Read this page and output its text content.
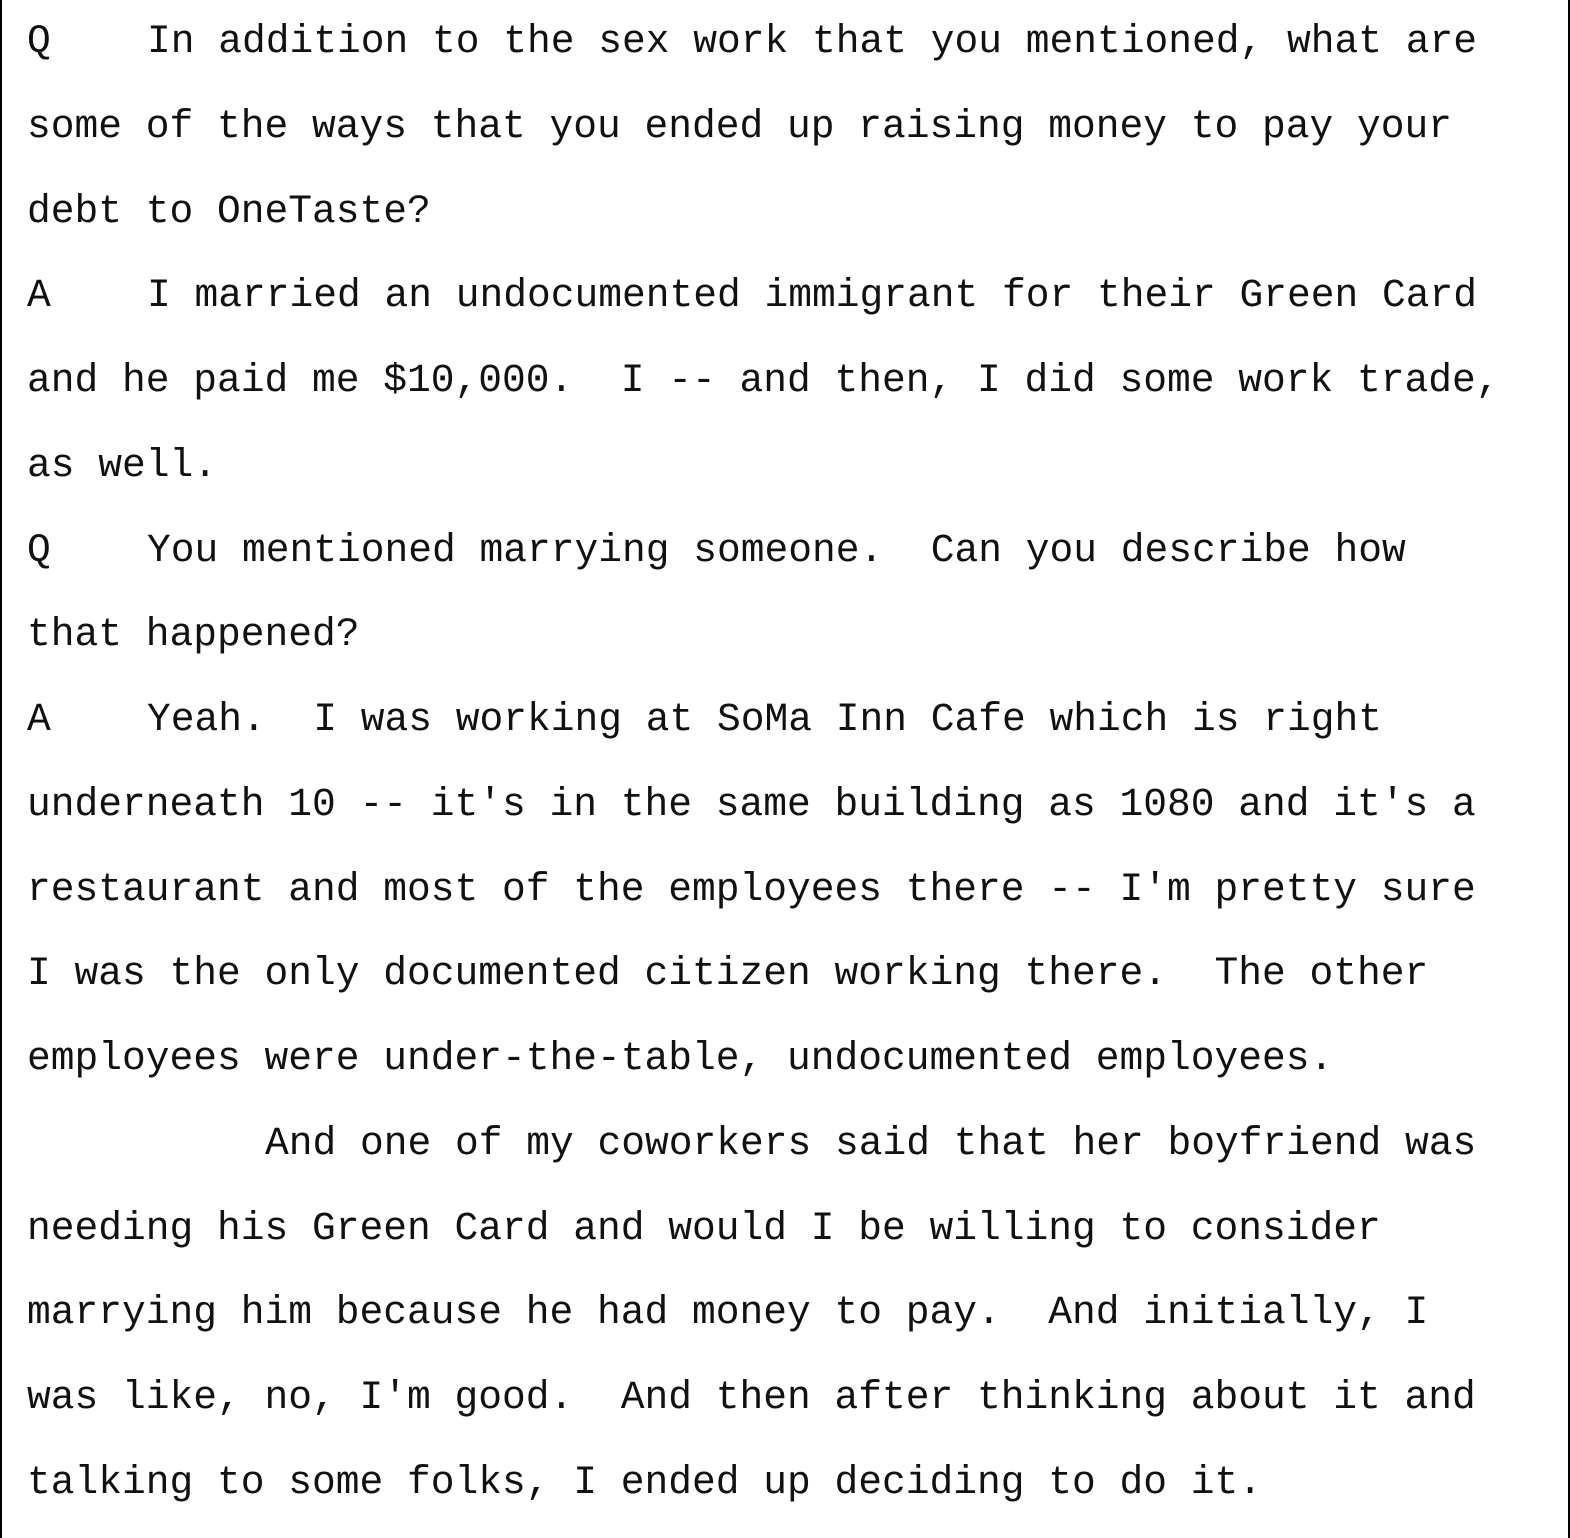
Q In addition to the sex work that you mentioned, what are
some of the ways that you ended up raising money to pay your
debt to OneTaste?
A I married an undocumented immigrant for their Green Card
and he paid me $10,000.  I -- and then, I did some work trade,
as well.
Q You mentioned marrying someone.  Can you describe how
that happened?
A Yeah.  I was working at SoMa Inn Cafe which is right
underneath 10 -- it's in the same building as 1080 and it's a
restaurant and most of the employees there -- I'm pretty sure
I was the only documented citizen working there.  The other
employees were under-the-table, undocumented employees.
And one of my coworkers said that her boyfriend was
needing his Green Card and would I be willing to consider
marrying him because he had money to pay.  And initially, I
was like, no, I'm good.  And then after thinking about it and
talking to some folks, I ended up deciding to do it.
